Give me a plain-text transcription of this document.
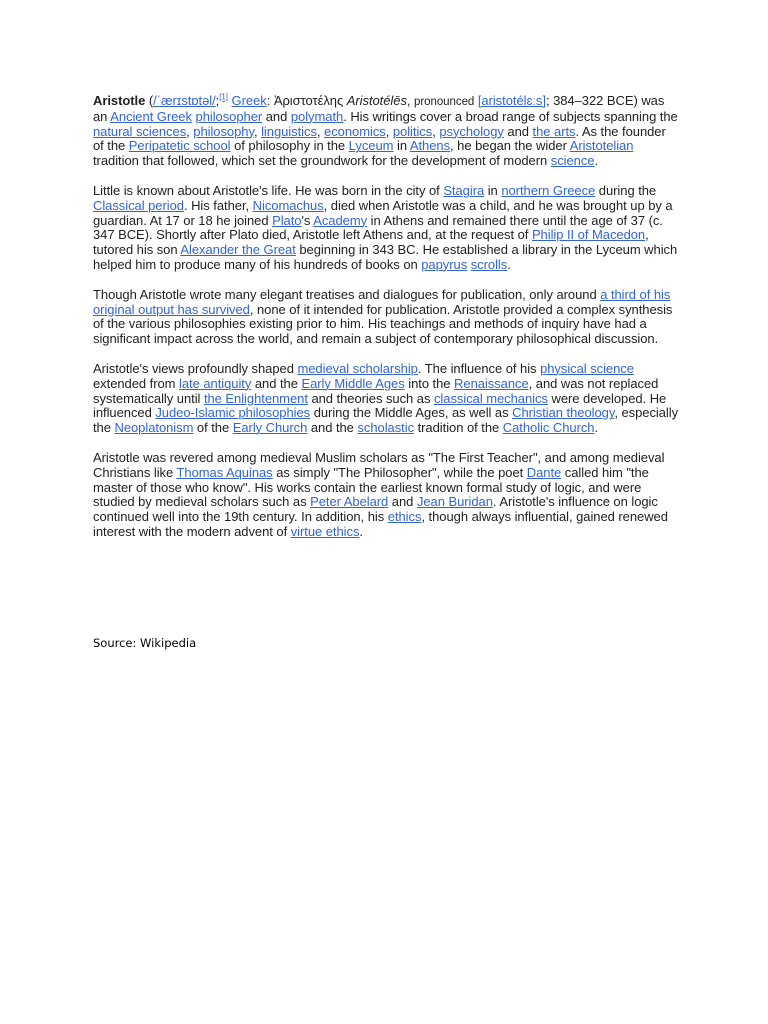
Aristotle (/ˈærɪstɒtəl/;[1] Greek: Ἀριστοτέλης Aristotélēs, pronounced [aristotélɛːs]; 384–322 BCE) was an Ancient Greek philosopher and polymath. His writings cover a broad range of subjects spanning the natural sciences, philosophy, linguistics, economics, politics, psychology and the arts. As the founder of the Peripatetic school of philosophy in the Lyceum in Athens, he began the wider Aristotelian tradition that followed, which set the groundwork for the development of modern science.

Little is known about Aristotle's life. He was born in the city of Stagira in northern Greece during the Classical period. His father, Nicomachus, died when Aristotle was a child, and he was brought up by a guardian. At 17 or 18 he joined Plato's Academy in Athens and remained there until the age of 37 (c. 347 BCE). Shortly after Plato died, Aristotle left Athens and, at the request of Philip II of Macedon, tutored his son Alexander the Great beginning in 343 BC. He established a library in the Lyceum which helped him to produce many of his hundreds of books on papyrus scrolls.

Though Aristotle wrote many elegant treatises and dialogues for publication, only around a third of his original output has survived, none of it intended for publication. Aristotle provided a complex synthesis of the various philosophies existing prior to him. His teachings and methods of inquiry have had a significant impact across the world, and remain a subject of contemporary philosophical discussion.

Aristotle's views profoundly shaped medieval scholarship. The influence of his physical science extended from late antiquity and the Early Middle Ages into the Renaissance, and was not replaced systematically until the Enlightenment and theories such as classical mechanics were developed. He influenced Judeo-Islamic philosophies during the Middle Ages, as well as Christian theology, especially the Neoplatonism of the Early Church and the scholastic tradition of the Catholic Church.

Aristotle was revered among medieval Muslim scholars as "The First Teacher", and among medieval Christians like Thomas Aquinas as simply "The Philosopher", while the poet Dante called him "the master of those who know". His works contain the earliest known formal study of logic, and were studied by medieval scholars such as Peter Abelard and Jean Buridan. Aristotle's influence on logic continued well into the 19th century. In addition, his ethics, though always influential, gained renewed interest with the modern advent of virtue ethics.

Source: Wikipedia
